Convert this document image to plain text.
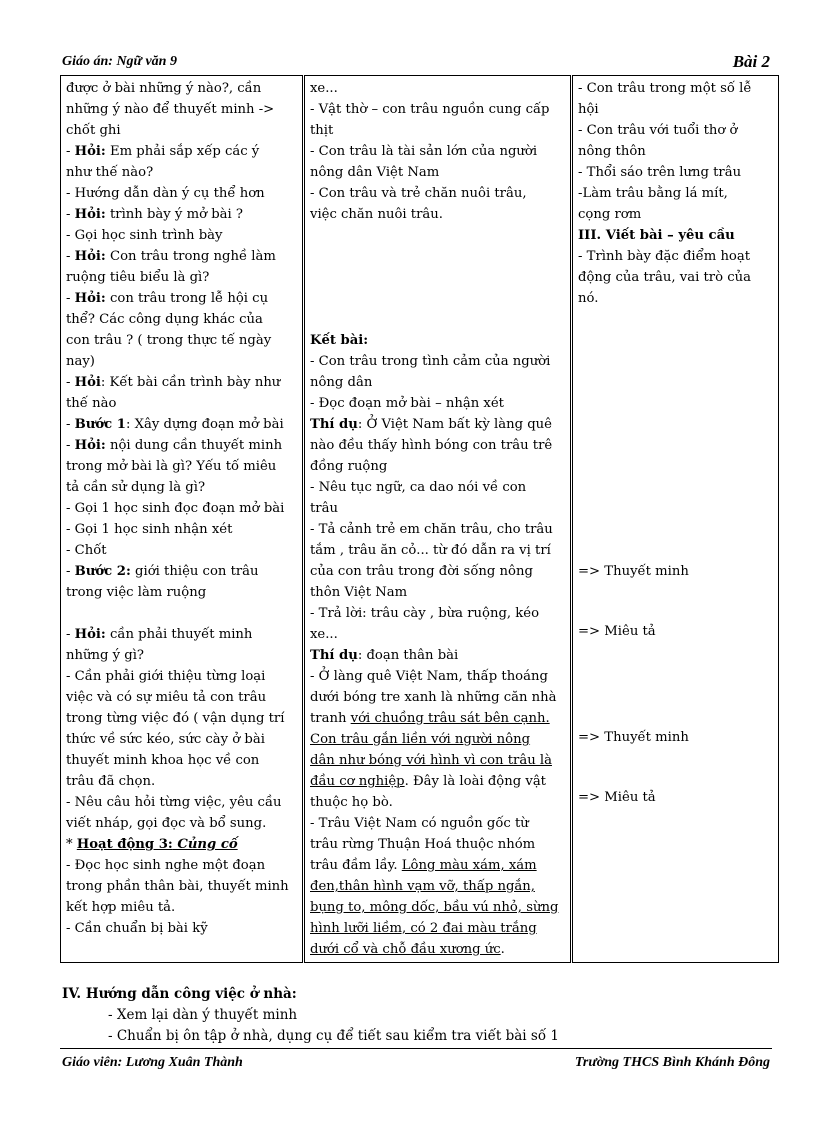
Giáo án: Ngữ văn 9	Bài 2
được ở bài những ý nào?, cần
những ý nào để thuyết minh ->
chốt ghi
- Hỏi: Em phải sắp xếp các ý
như thế nào?
- Hướng dẫn dàn ý cụ thể hơn
- Hỏi: trình bày ý mở bài ?
- Gọi học sinh trình bày
- Hỏi: Con trâu trong nghề làm
ruộng tiêu biểu là gì?
- Hỏi: con trâu trong lễ hội cụ
thể? Các công dụng khác của
con trâu ? ( trong thực tế ngày
nay)
- Hỏi: Kết bài cần trình bày như
thế nào
- Bước 1: Xây dựng đoạn mở bài
- Hỏi: nội dung cần thuyết minh
trong mở bài là gì? Yếu tố miêu
tả cần sử dụng là gì?
- Gọi 1 học sinh đọc đoạn mở bài
- Gọi 1 học sinh nhận xét
- Chốt
- Bước 2: giới thiệu con trâu
trong việc làm ruộng
- Hỏi: cần phải thuyết minh
những ý gì?
- Cần phải giới thiệu từng loại
việc và có sự miêu tả con trâu
trong từng việc đó ( vận dụng trí
thức về sức kéo, sức cày ở bài
thuyết minh khoa học về con
trâu đã chọn.
- Nêu câu hỏi từng việc, yêu cầu
viết nháp, gọi đọc và bổ sung.
* Hoạt động 3: Củng cố
- Đọc học sinh nghe một đoạn
trong phần thân bài, thuyết minh
kết hợp miêu tả.
- Cần chuẩn bị bài kỹ

xe...
- Vật thờ – con trâu nguồn cung cấp
thịt
- Con trâu là tài sản lớn của người
nông dân Việt Nam
- Con trâu và trẻ chăn nuôi trâu,
việc chăn nuôi trâu.
Kết bài:
- Con trâu trong tình cảm của người
nông dân
- Đọc đoạn mở bài – nhận xét
Thí dụ: Ở Việt Nam bất kỳ làng quê
nào đều thấy hình bóng con trâu trê
đồng ruộng
- Nêu tục ngữ, ca dao nói về con
trâu
- Tả cảnh trẻ em chăn trâu, cho trâu
tắm , trâu ăn cỏ... từ đó dẫn ra vị trí
của con trâu trong đời sống nông
thôn Việt Nam
- Trả lời: trâu cày , bừa ruộng, kéo
xe...
Thí dụ: đoạn thân bài
- Ở làng quê Việt Nam, thấp thoáng
dưới bóng tre xanh là những căn nhà
tranh với chuồng trâu sát bên cạnh.
Con trâu gắn liền với người nông
dân như bóng với hình vì con trâu là
đầu cơ nghiệp. Đây là loài động vật
thuộc họ bò.
- Trâu Việt Nam có nguồn gốc từ
trâu rừng Thuận Hoá thuộc nhóm
trâu đầm lầy. Lông màu xám, xám
đen,thân hình vạm vỡ, thấp ngắn,
bụng to, mông dốc, bầu vú nhỏ, sừng
hình lưỡi liềm, có 2 đai màu trắng
dưới cổ và chỗ đầu xương ức.

- Con trâu trong một số lễ
hội
- Con trâu với tuổi thơ ở
nông thôn
- Thổi sáo trên lưng trâu
-Làm trâu bằng lá mít,
cọng rơm
III. Viết bài – yêu cầu
- Trình bày đặc điểm hoạt
động của trâu, vai trò của
nó.
=> Thuyết minh
=> Miêu tả
=> Thuyết minh
=> Miêu tả
IV. Hướng dẫn công việc ở nhà:
- Xem lại dàn ý thuyết minh
- Chuẩn bị ôn tập ở nhà, dụng cụ để tiết sau kiểm tra viết bài số 1
Giáo viên: Lương Xuân Thành	Trường THCS Bình Khánh Đông
